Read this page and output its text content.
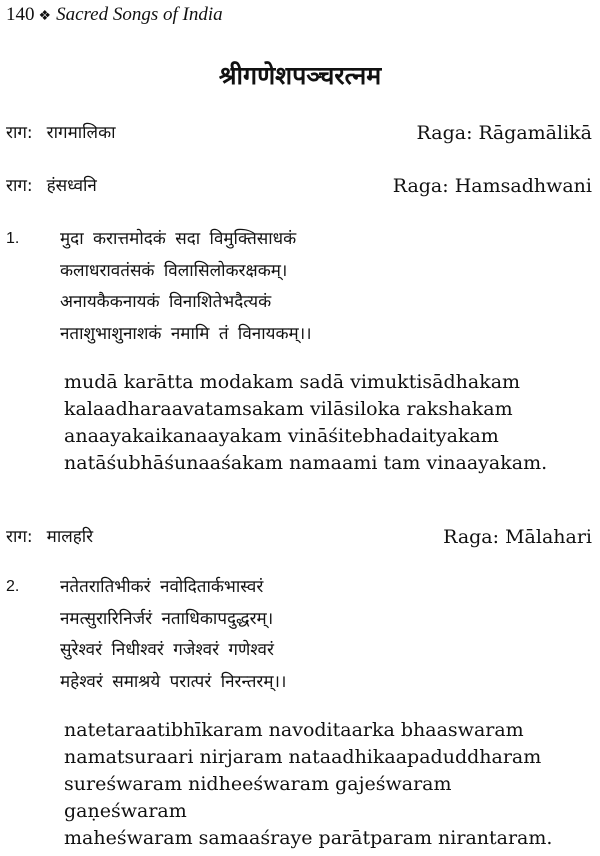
140 ❖ Sacred Songs of India
श्रीगणेशपञ्चरत्नम
राग: रागमालिका	Raga: Rāgamālikā
राग: हंसध्वनि	Raga: Hamsadhwani
1. मुदा करात्तमोदकं सदा विमुक्तिसाधकं
कलाधरावतंसकं विलासिलोकरक्षकम्।
अनायकैकनायकं विनाशितेभदैत्यकं
नताशुभाशुनाशकं नमामि तं विनायकम्।।
mudā karātta modakam sadā vimuktisādhakam
kalaadharaavatamsakam vilāsiloka rakshakam
anaayakaikanaayakam vināśitebhadaityakam
natāśubhāśunaaśakam namaami tam vinaayakam.
राग: मालहरि	Raga: Mālahari
2. नतेतरातिभीकरं नवोदितार्कभास्वरं
नमत्सुरारिनिर्जरं नताधिकापदुद्धरम्।
सुरेश्वरं निधीश्वरं गजेश्वरं गणेश्वरं
महेश्वरं समाश्रये परात्परं निरन्तरम्।।
natetaraatibhīkaram navoditaarka bhaaswaram
namatsuraari nirjaram nataadhikaapaduddharam
sureśwaram nidheeśwaram gajeśwaram
gaṇeśwaram
maheśwaram samaaśraye parātparam nirantaram.
